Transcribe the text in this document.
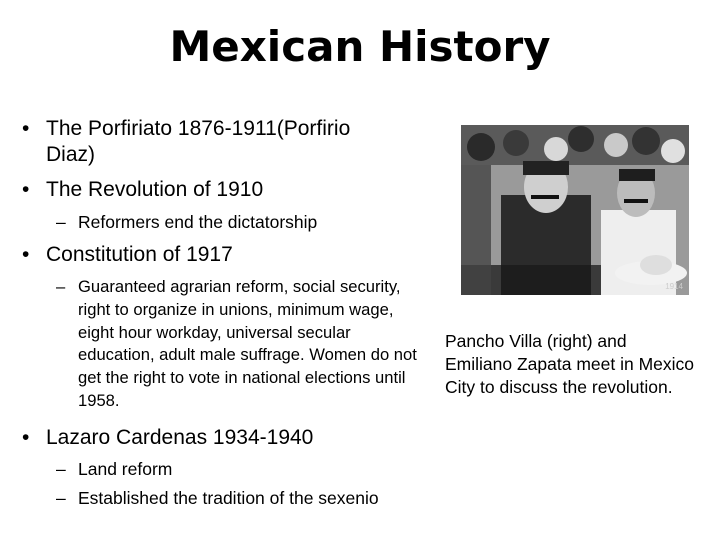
Mexican History
• The Porfiriato 1876-1911(Porfirio Diaz)
• The Revolution of 1910
– Reformers end the dictatorship
• Constitution of 1917
– Guaranteed agrarian reform, social security, right to organize in unions, minimum wage, eight hour workday, universal secular education, adult male suffrage. Women do not get the right to vote in national elections until 1958.
• Lazaro Cardenas 1934-1940
– Land reform
– Established the tradition of the sexenio
1914
Pancho Villa (right) and Emiliano Zapata meet in Mexico City to discuss the revolution.
